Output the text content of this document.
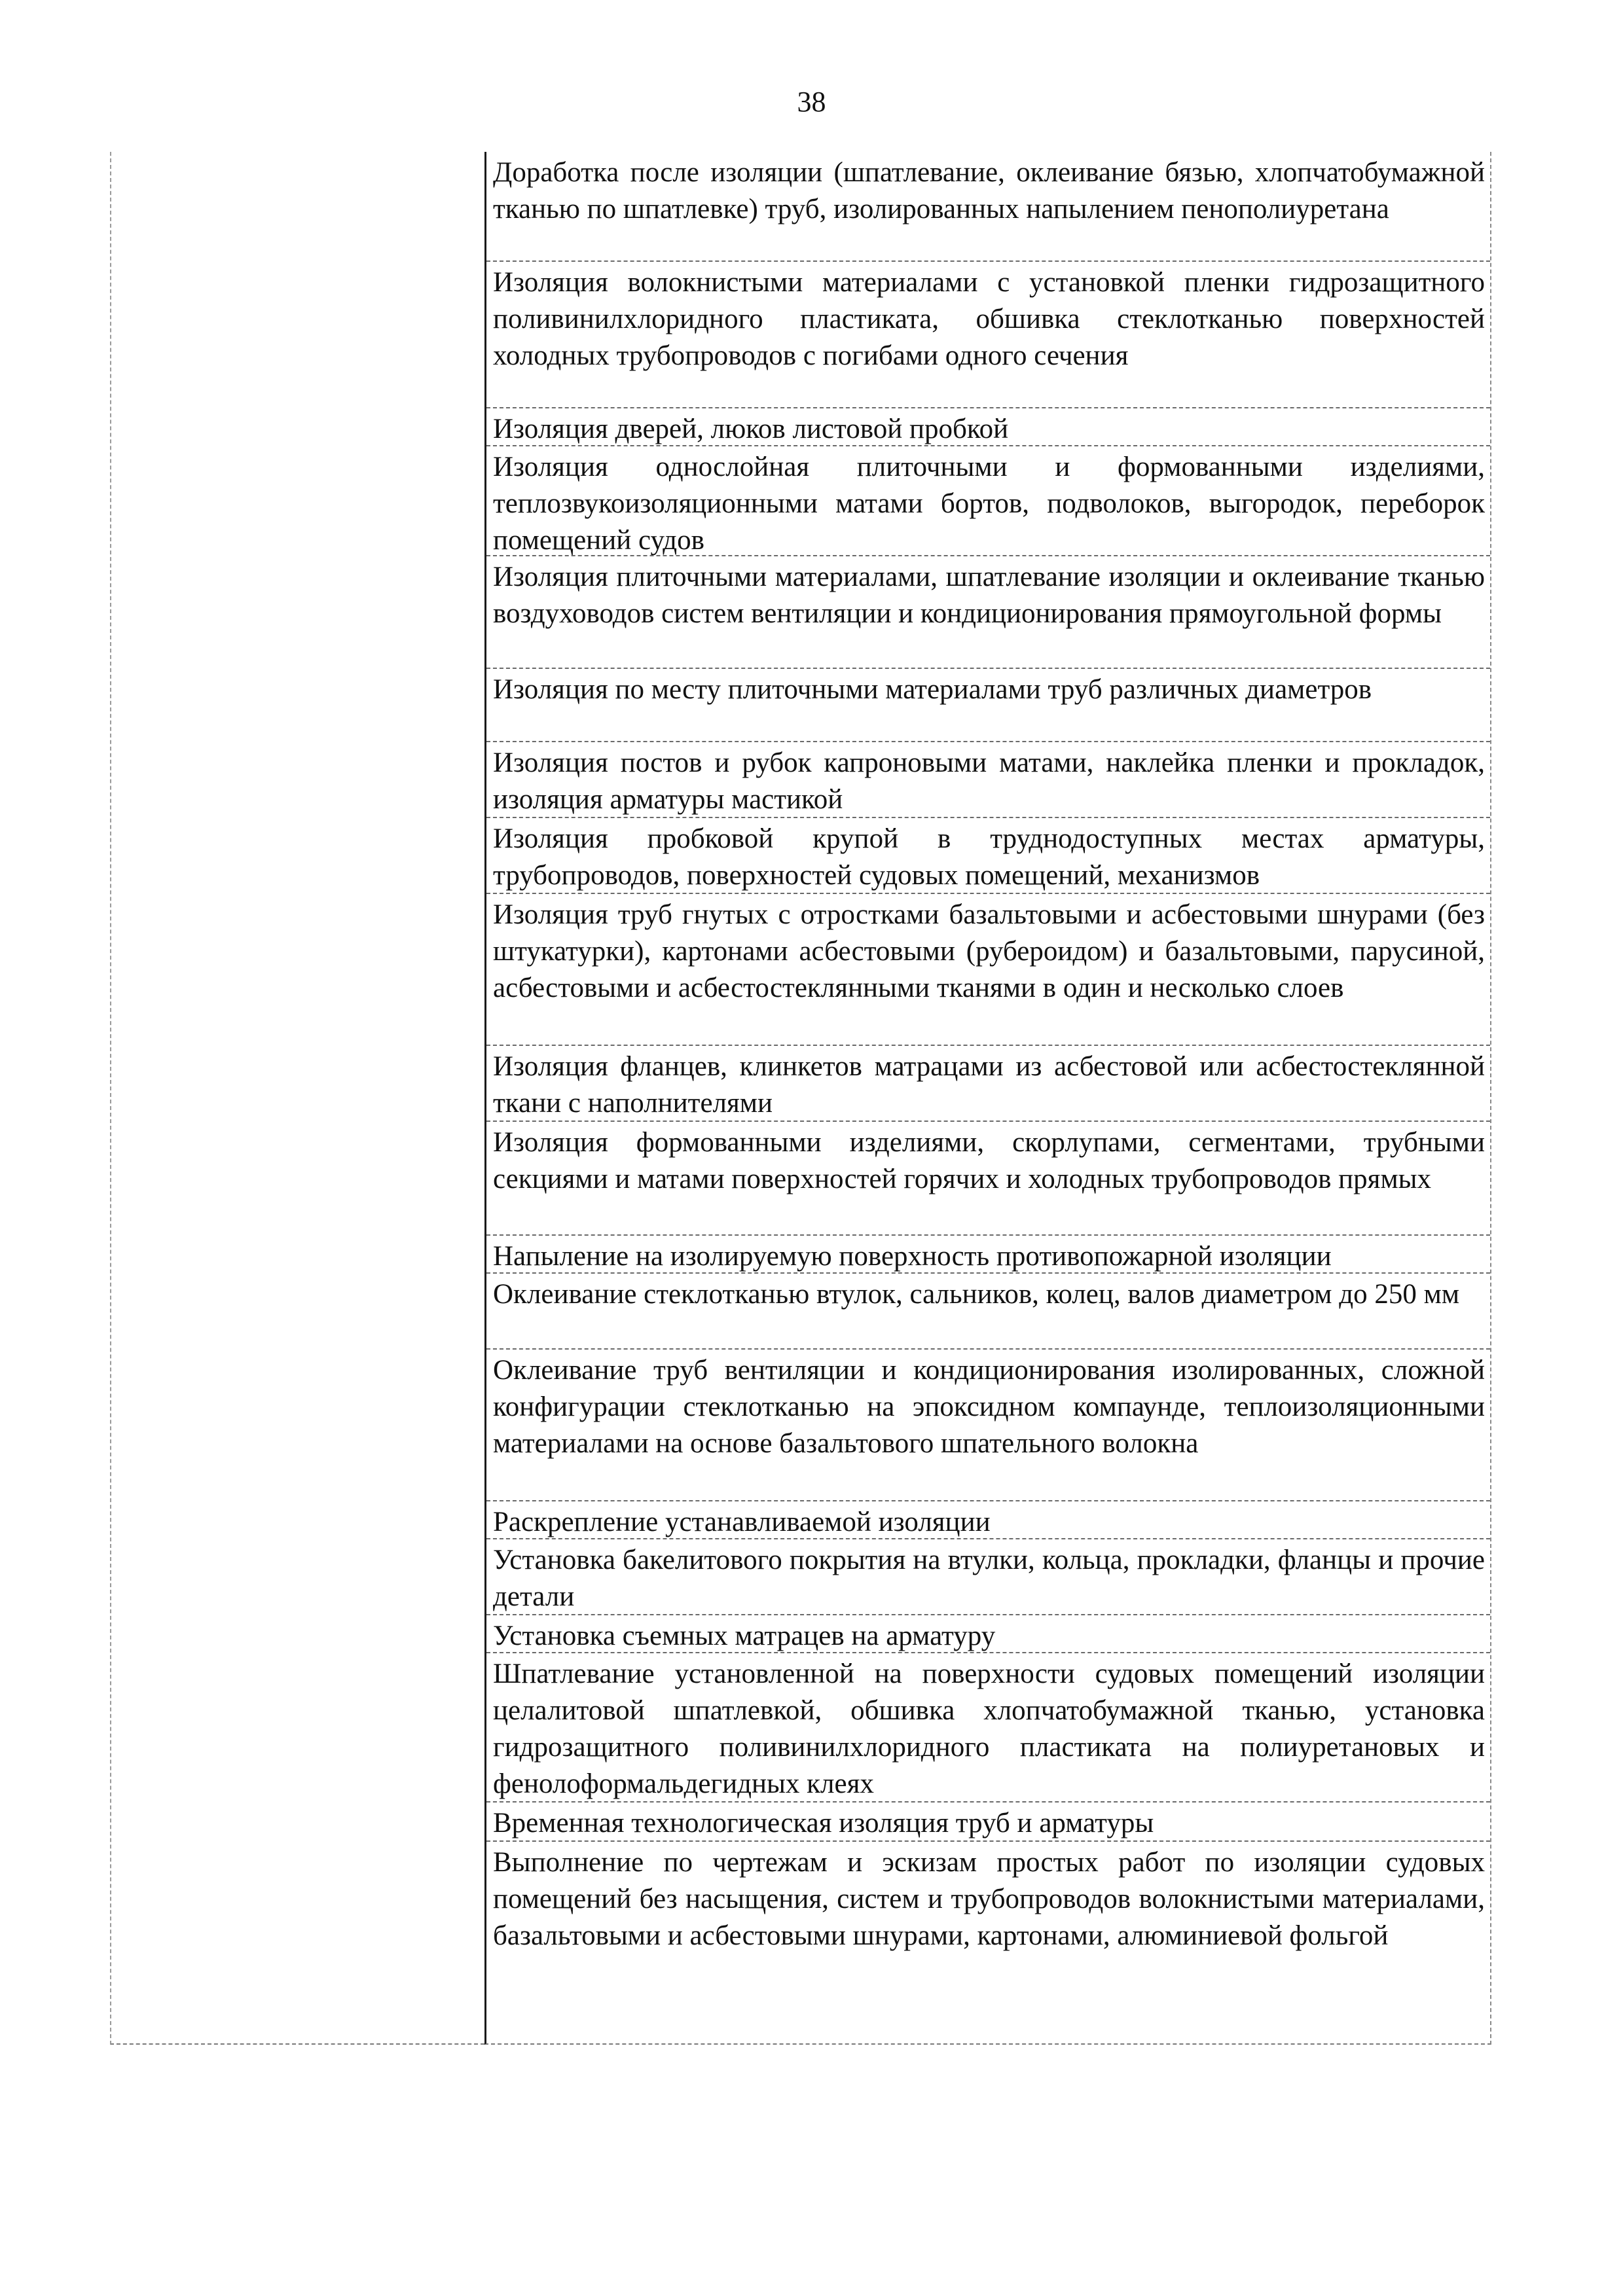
38
Доработка после изоляции (шпатлевание, оклеивание бязью, хлопчатобумажной тканью по шпатлевке) труб, изолированных напылением пенополиуретана
Изоляция волокнистыми материалами с установкой пленки гидрозащитного поливинилхлоридного пластиката, обшивка стеклотканью поверхностей холодных трубопроводов с погибами одного сечения
Изоляция дверей, люков листовой пробкой
Изоляция однослойная плиточными и формованными изделиями, теплозвукоизоляционными матами бортов, подволоков, выгородок, переборок помещений судов
Изоляция плиточными материалами, шпатлевание изоляции и оклеивание тканью воздуховодов систем вентиляции и кондиционирования прямоугольной формы
Изоляция по месту плиточными материалами труб различных диаметров
Изоляция постов и рубок капроновыми матами, наклейка пленки и прокладок, изоляция арматуры мастикой
Изоляция пробковой крупой в труднодоступных местах арматуры, трубопроводов, поверхностей судовых помещений, механизмов
Изоляция труб гнутых с отростками базальтовыми и асбестовыми шнурами (без штукатурки), картонами асбестовыми (рубероидом) и базальтовыми, парусиной, асбестовыми и асбестостеклянными тканями в один и несколько слоев
Изоляция фланцев, клинкетов матрацами из асбестовой или асбестостеклянной ткани с наполнителями
Изоляция формованными изделиями, скорлупами, сегментами, трубными секциями и матами поверхностей горячих и холодных трубопроводов прямых
Напыление на изолируемую поверхность противопожарной изоляции
Оклеивание стеклотканью втулок, сальников, колец, валов диаметром до 250 мм
Оклеивание труб вентиляции и кондиционирования изолированных, сложной конфигурации стеклотканью на эпоксидном компаунде, теплоизоляционными материалами на основе базальтового шпательного волокна
Раскрепление устанавливаемой изоляции
Установка бакелитового покрытия на втулки, кольца, прокладки, фланцы и прочие детали
Установка съемных матрацев на арматуру
Шпатлевание установленной на поверхности судовых помещений изоляции целалитовой шпатлевкой, обшивка хлопчатобумажной тканью, установка гидрозащитного поливинилхлоридного пластиката на полиуретановых и фенолоформальдегидных клеях
Временная технологическая изоляция труб и арматуры
Выполнение по чертежам и эскизам простых работ по изоляции судовых помещений без насыщения, систем и трубопроводов волокнистыми материалами, базальтовыми и асбестовыми шнурами, картонами, алюминиевой фольгой
